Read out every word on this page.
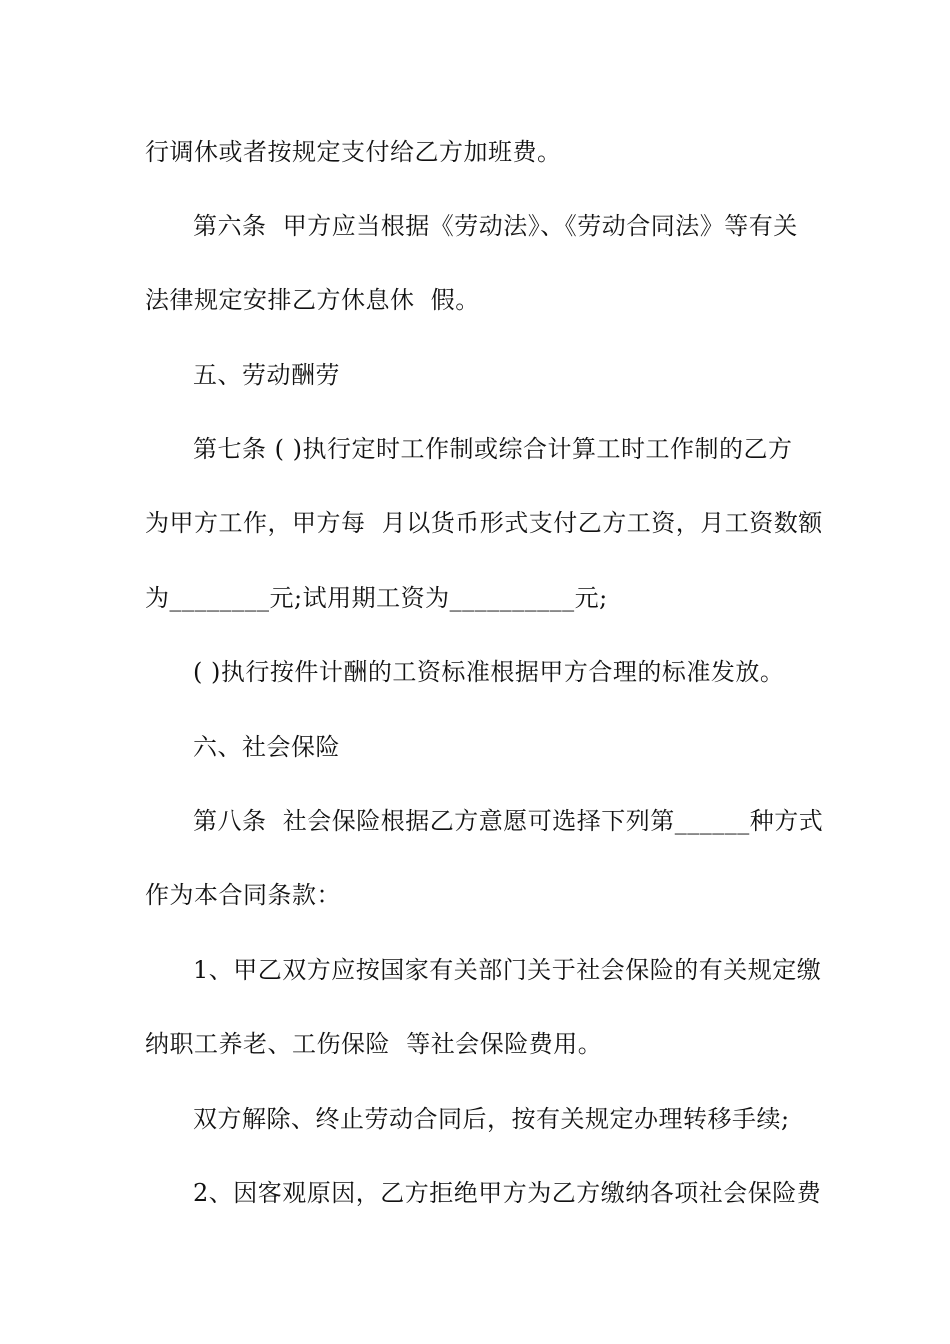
行调休或者按规定支付给乙方加班费。
第六条  甲方应当根据《劳动法》、《劳动合同法》等有关
法律规定安排乙方休息休  假。
五、劳动酬劳
第七条 ( )执行定时工作制或综合计算工时工作制的乙方
为甲方工作，甲方每  月以货币形式支付乙方工资，月工资数额
为________元;试用期工资为__________元;
( )执行按件计酬的工资标准根据甲方合理的标准发放。
六、社会保险
第八条  社会保险根据乙方意愿可选择下列第______种方式
作为本合同条款：
1、甲乙双方应按国家有关部门关于社会保险的有关规定缴
纳职工养老、工伤保险  等社会保险费用。
双方解除、终止劳动合同后，按有关规定办理转移手续;
2、因客观原因，乙方拒绝甲方为乙方缴纳各项社会保险费
